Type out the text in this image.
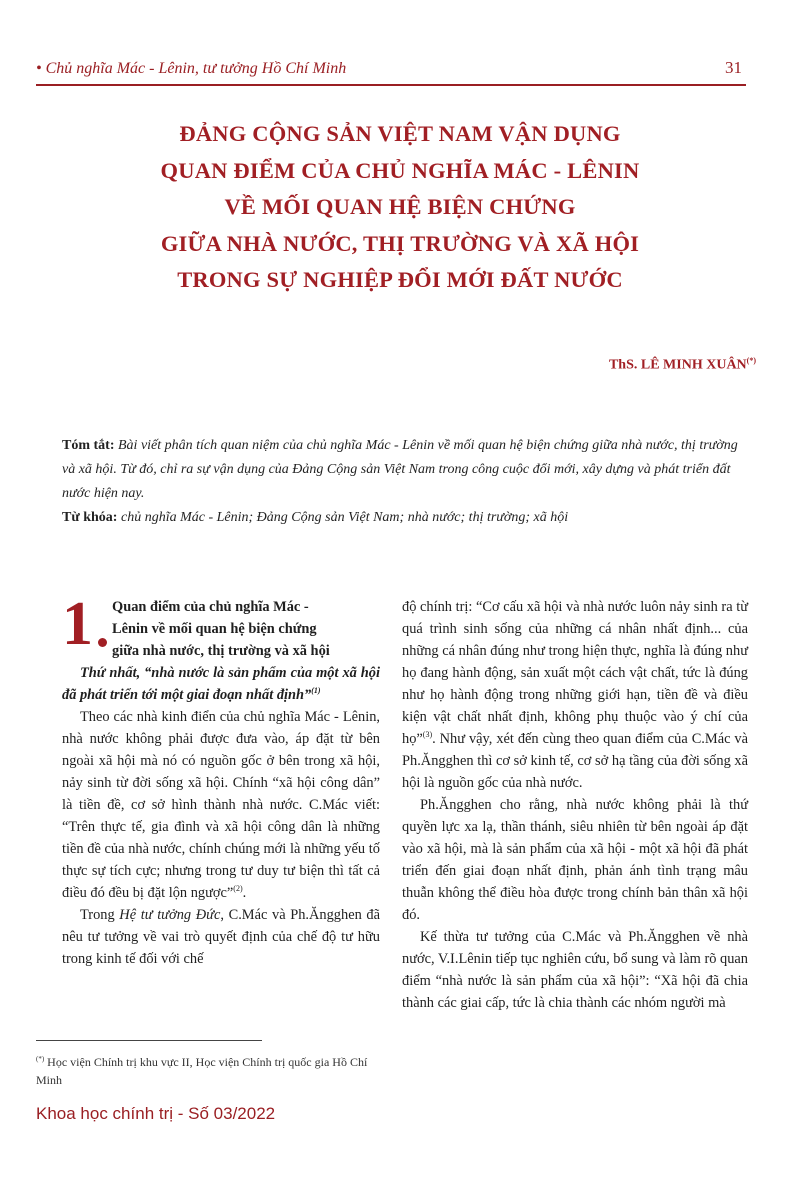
• Chủ nghĩa Mác - Lênin, tư tưởng Hồ Chí Minh	31
ĐẢNG CỘNG SẢN VIỆT NAM VẬN DỤNG
QUAN ĐIỂM CỦA CHỦ NGHĨA MÁC - LÊNIN
VỀ MỐI QUAN HỆ BIỆN CHỨNG
GIỮA NHÀ NƯỚC, THỊ TRƯỜNG VÀ XÃ HỘI
TRONG SỰ NGHIỆP ĐỔI MỚI ĐẤT NƯỚC
ThS. LÊ MINH XUÂN(*)

Tóm tắt: Bài viết phân tích quan niệm của chủ nghĩa Mác - Lênin về mối quan hệ biện chứng giữa nhà nước, thị trường và xã hội. Từ đó, chỉ ra sự vận dụng của Đảng Cộng sản Việt Nam trong công cuộc đổi mới, xây dựng và phát triển đất nước hiện nay.

Từ khóa: chủ nghĩa Mác - Lênin; Đảng Cộng sản Việt Nam; nhà nước; thị trường; xã hội

1 Quan điểm của chủ nghĩa Mác -
Lênin về mối quan hệ biện chứng
giữa nhà nước, thị trường và xã hội

Thứ nhất, “nhà nước là sản phẩm của một xã hội đã phát triển tới một giai đoạn nhất định”$^{(1)}$

Theo các nhà kinh điển của chủ nghĩa Mác - Lênin, nhà nước không phải được đưa vào, áp đặt từ bên ngoài xã hội mà nó có nguồn gốc ở bên trong xã hội, nảy sinh từ đời sống xã hội. Chính “xã hội công dân” là tiền đề, cơ sở hình thành nhà nước. C.Mác viết: “Trên thực tế, gia đình và xã hội công dân là những tiền đề của nhà nước, chính chúng mới là những yếu tố thực sự tích cực; nhưng trong tư duy tư biện thì tất cả điều đó đều bị đặt lộn ngược”$^{(2)}$.

Trong Hệ tư tưởng Đức, C.Mác và Ph.Ăngghen đã nêu tư tưởng về vai trò quyết định của chế độ tư hữu trong kinh tế đối với chế

độ chính trị: “Cơ cấu xã hội và nhà nước luôn nảy sinh ra từ quá trình sinh sống của những cá nhân nhất định... của những cá nhân đúng như trong hiện thực, nghĩa là đúng như họ đang hành động, sản xuất một cách vật chất, tức là đúng như họ hành động trong những giới hạn, tiền đề và điều kiện vật chất nhất định, không phụ thuộc vào ý chí của họ”$^{(3)}$. Như vậy, xét đến cùng theo quan điểm của C.Mác và Ph.Ăngghen thì cơ sở kinh tế, cơ sở hạ tầng của đời sống xã hội là nguồn gốc của nhà nước.

Ph.Ăngghen cho rằng, nhà nước không phải là thứ quyền lực xa lạ, thần thánh, siêu nhiên từ bên ngoài áp đặt vào xã hội, mà là sản phẩm của xã hội - một xã hội đã phát triển đến giai đoạn nhất định, phản ánh tình trạng mâu thuẫn không thể điều hòa được trong chính bản thân xã hội đó.

Kế thừa tư tưởng của C.Mác và Ph.Ăngghen về nhà nước, V.I.Lênin tiếp tục nghiên cứu, bổ sung và làm rõ quan điểm “nhà nước là sản phẩm của xã hội”: “Xã hội đã chia thành các giai cấp, tức là chia thành các nhóm người mà

(*) Học viện Chính trị khu vực II, Học viện Chính trị quốc gia Hồ Chí Minh
Khoa học chính trị - Số 03/2022
